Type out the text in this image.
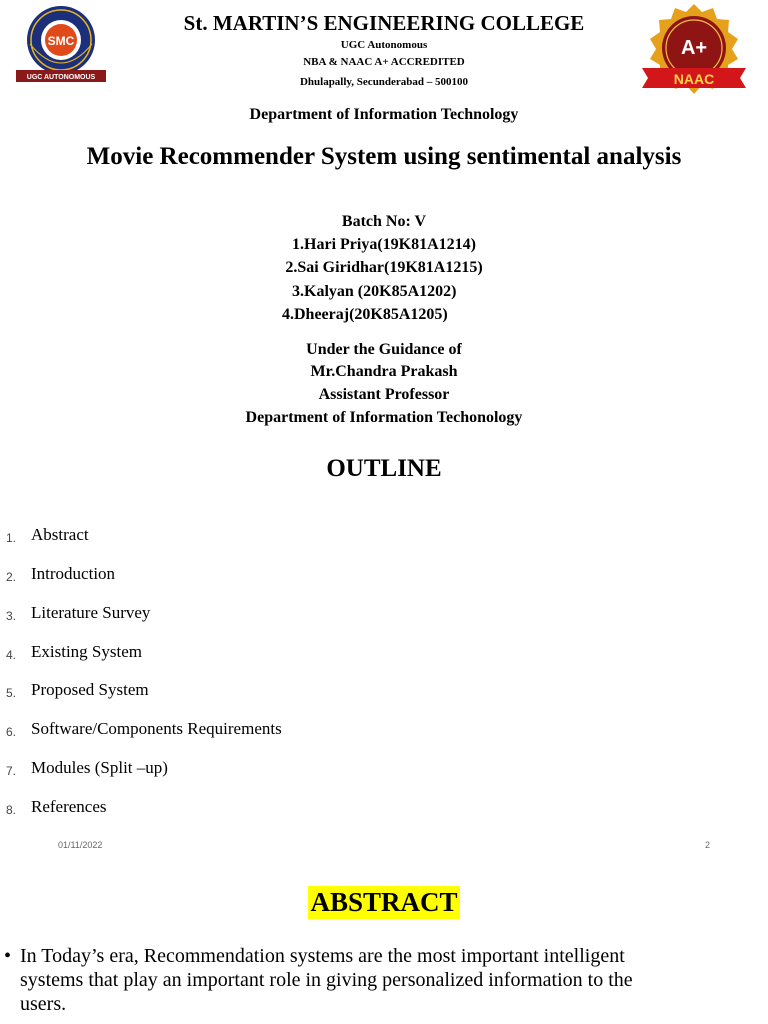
SMC
UGC AUTONOMOUS
A+
NAAC
St. MARTIN’S ENGINEERING COLLEGE
UGC Autonomous
NBA & NAAC A+ ACCREDITED
Dhulapally, Secunderabad – 500100
Department of Information Technology
Movie Recommender System using sentimental analysis
Batch No: V
1.Hari Priya(19K81A1214)
2.Sai Giridhar(19K81A1215)
3.Kalyan (20K85A1202)
4.Dheeraj(20K85A1205)
Under the Guidance of
Mr.Chandra Prakash
Assistant Professor
Department of Information Techonology
OUTLINE
1. Abstract
2. Introduction
3. Literature Survey
4. Existing System
5. Proposed System
6. Software/Components Requirements
7. Modules (Split –up)
8. References
01/11/2022	2
ABSTRACT
• In Today’s era, Recommendation systems are the most important intelligent
systems that play an important role in giving personalized information to the
users.
